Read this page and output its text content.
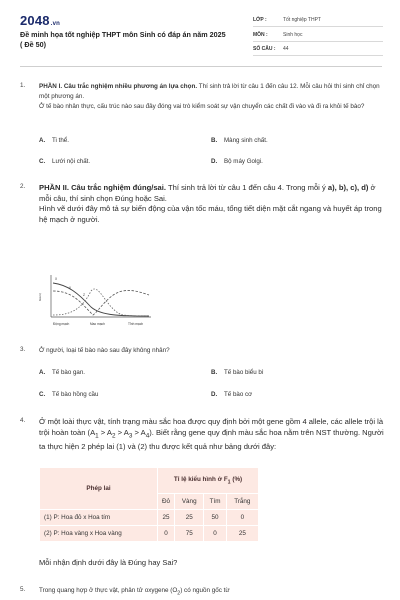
2048.vn
Đề minh họa tốt nghiệp THPT môn Sinh có đáp án năm 2025 ( Đề 50)
LỚP :	Tốt nghiệp THPT
MÔN :	Sinh học
SỐ CÂU :	44
1. PHẦN I. Câu trắc nghiệm nhiều phương án lựa chọn. Thí sinh trả lời từ câu 1 đến câu 12. Mỗi câu hỏi thí sinh chỉ chọn một phương án.
Ở tế bào nhân thực, cấu trúc nào sau đây đóng vai trò kiểm soát sự vận chuyển các chất đi vào và đi ra khỏi tế bào?
A. Ti thể.	B. Màng sinh chất.
C. Lưới nội chất.	D. Bộ máy Golgi.
2. PHẦN II. Câu trắc nghiệm đúng/sai. Thí sinh trả lời từ câu 1 đến câu 4. Trong mỗi ý a), b), c), d) ở mỗi câu, thí sinh chọn Đúng hoặc Sai.
Hình vẽ dưới đây mô tả sự biến động của vận tốc máu, tổng tiết diện mặt cắt ngang và huyết áp trong hệ mạch ở người.
X
Y
Z
Giá trị
Động mạch	Mao mạch	Tĩnh mạch
3. Ở người, loại tế bào nào sau đây không nhân?
A. Tế bào gan.	B. Tế bào biểu bì
C. Tế bào hồng cầu	D. Tế bào cơ
4. Ở một loài thực vật, tính trạng màu sắc hoa được quy định bởi một gene gồm 4 allele, các allele trội là trội hoàn toàn $(A_1 > A_2 > A_3 > A_4)$. Biết rằng gene quy định màu sắc hoa nằm trên NST thường. Người ta thực hiện 2 phép lai (1) và (2) thu được kết quả như bảng dưới đây:
Phép lai	Tỉ lệ kiểu hình ở $F_1$ (%)			
	Đỏ	Vàng	Tím	Trắng
(1) P: Hoa đỏ x Hoa tím	25	25	50	0
(2) P: Hoa vàng x Hoa vàng	0	75	0	25
Mỗi nhận định dưới đây là Đúng hay Sai?
5. Trong quang hợp ở thực vật, phân tử oxygene $(O_2)$ có nguồn gốc từ
